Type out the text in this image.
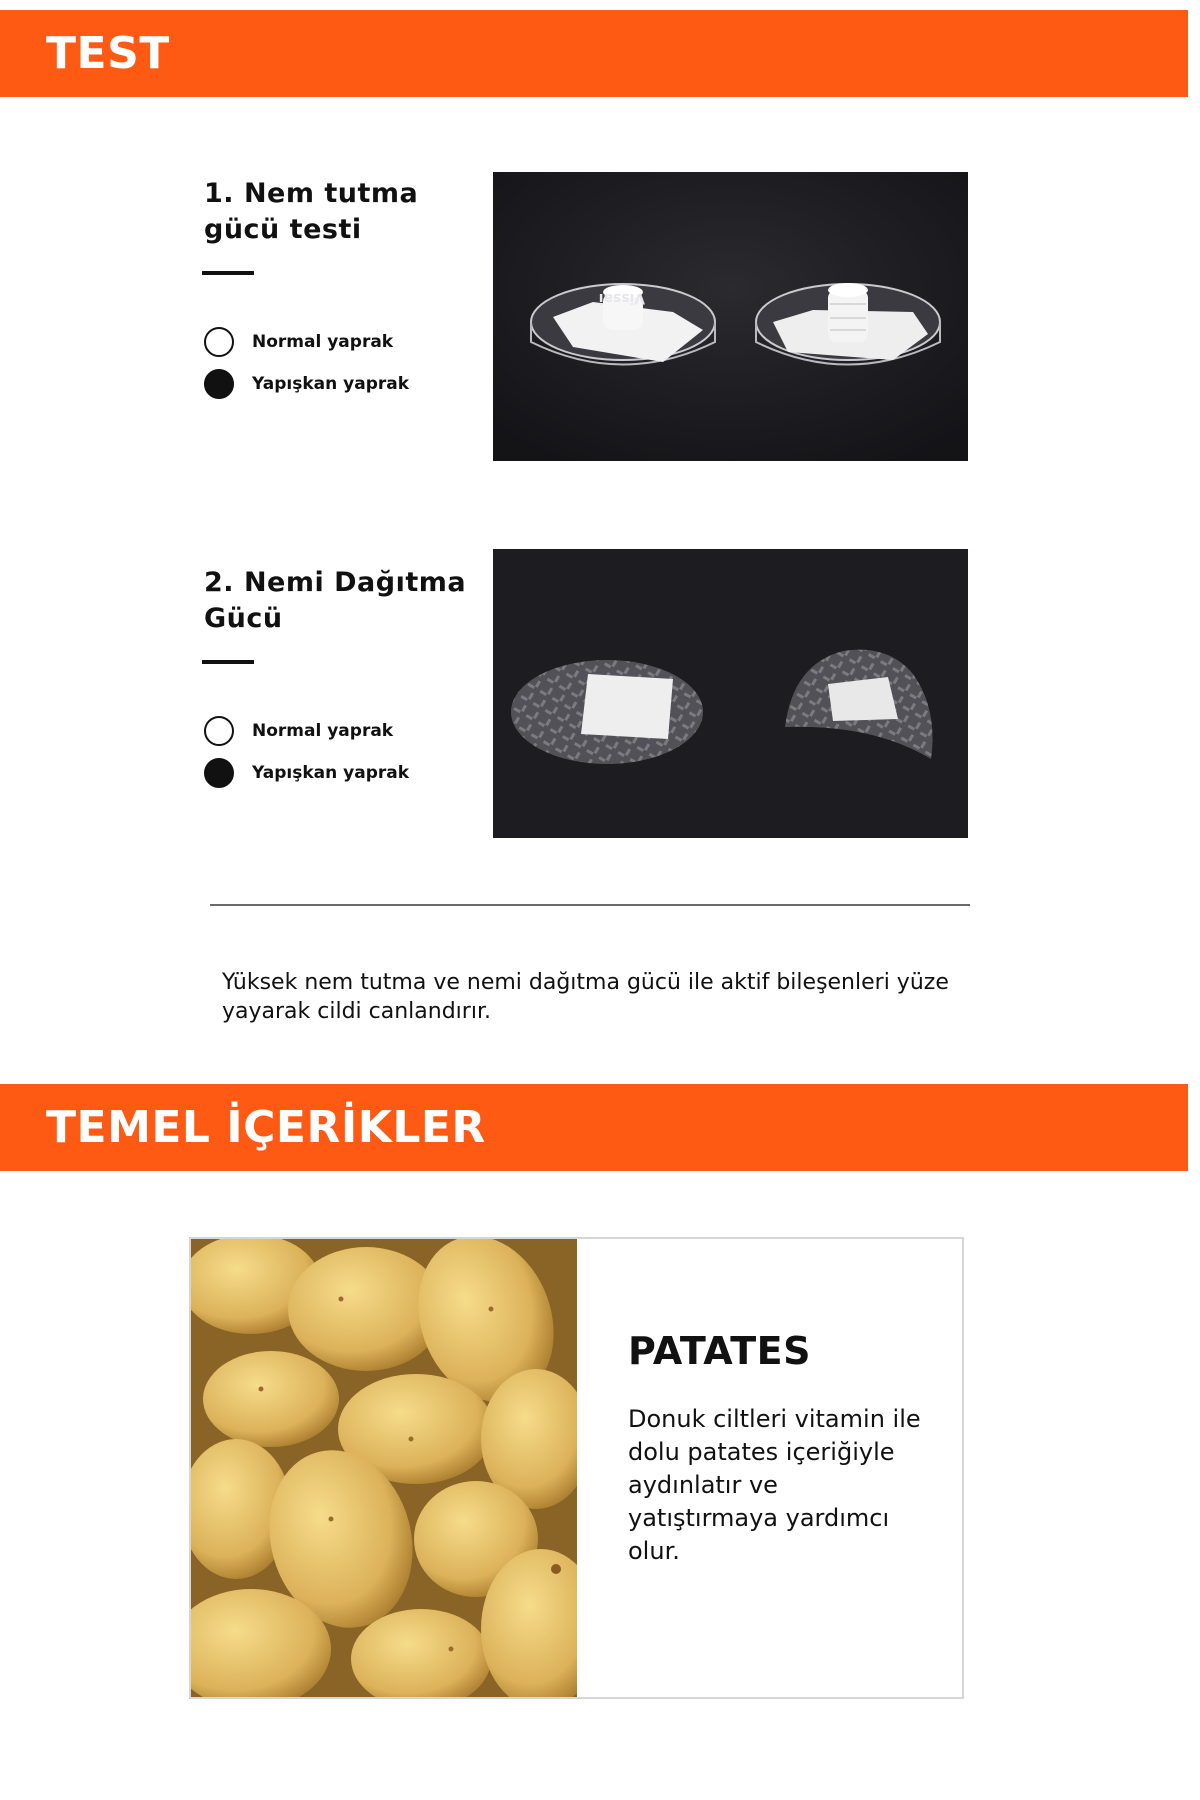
TEST
1. Nem tutma gücü testi
Normal yaprak
Yapışkan yaprak
Vissai
2. Nemi Dağıtma Gücü
Normal yaprak
Yapışkan yaprak

Yüksek nem tutma ve nemi dağıtma gücü ile aktif bileşenleri yüze yayarak cildi canlandırır.

TEMEL İÇERİKLER
PATATES

Donuk ciltleri vitamin ile dolu patates içeriğiyle aydınlatır ve yatıştırmaya yardımcı olur.
